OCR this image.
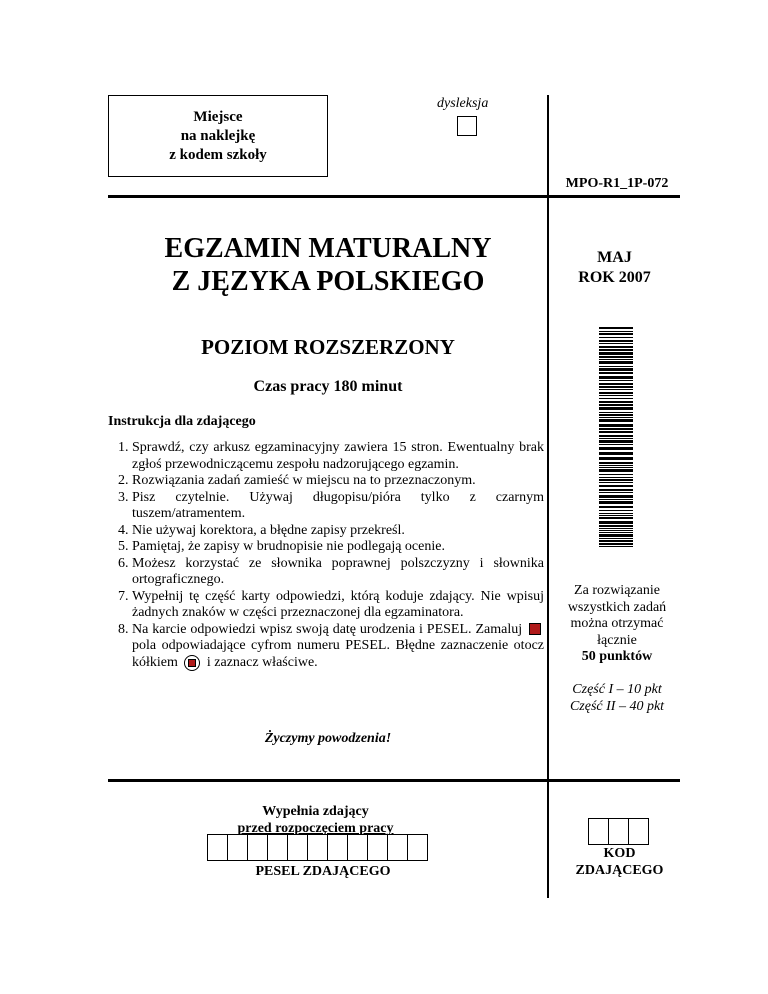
Miejsce
na naklejkę
z kodem szkoły
dysleksja
MPO-R1_1P-072
EGZAMIN MATURALNY
Z JĘZYKA POLSKIEGO
MAJ
ROK 2007
POZIOM ROZSZERZONY
Czas pracy 180 minut
Instrukcja dla zdającego
1. Sprawdź, czy arkusz egzaminacyjny zawiera 15 stron. Ewentualny brak zgłoś przewodniczącemu zespołu nadzorującego egzamin.
2. Rozwiązania zadań zamieść w miejscu na to przeznaczonym.
3. Pisz czytelnie. Używaj długopisu/pióra tylko z czarnym tuszem/atramentem.
4. Nie używaj korektora, a błędne zapisy przekreśl.
5. Pamiętaj, że zapisy w brudnopisie nie podlegają ocenie.
6. Możesz korzystać ze słownika poprawnej polszczyzny i słownika ortograficznego.
7. Wypełnij tę część karty odpowiedzi, którą koduje zdający. Nie wpisuj żadnych znaków w części przeznaczonej dla egzaminatora.
8. Na karcie odpowiedzi wpisz swoją datę urodzenia i PESEL. Zamaluj  pola odpowiadające cyfrom numeru PESEL. Błędne zaznaczenie otocz kółkiem i zaznacz właściwe.
Za rozwiązanie
wszystkich zadań
można otrzymać
łącznie
50 punktów
Część I – 10 pkt
Część II – 40 pkt
Życzymy powodzenia!
Wypełnia zdający
przed rozpoczęciem pracy
PESEL ZDAJĄCEGO
KOD
ZDAJĄCEGO
